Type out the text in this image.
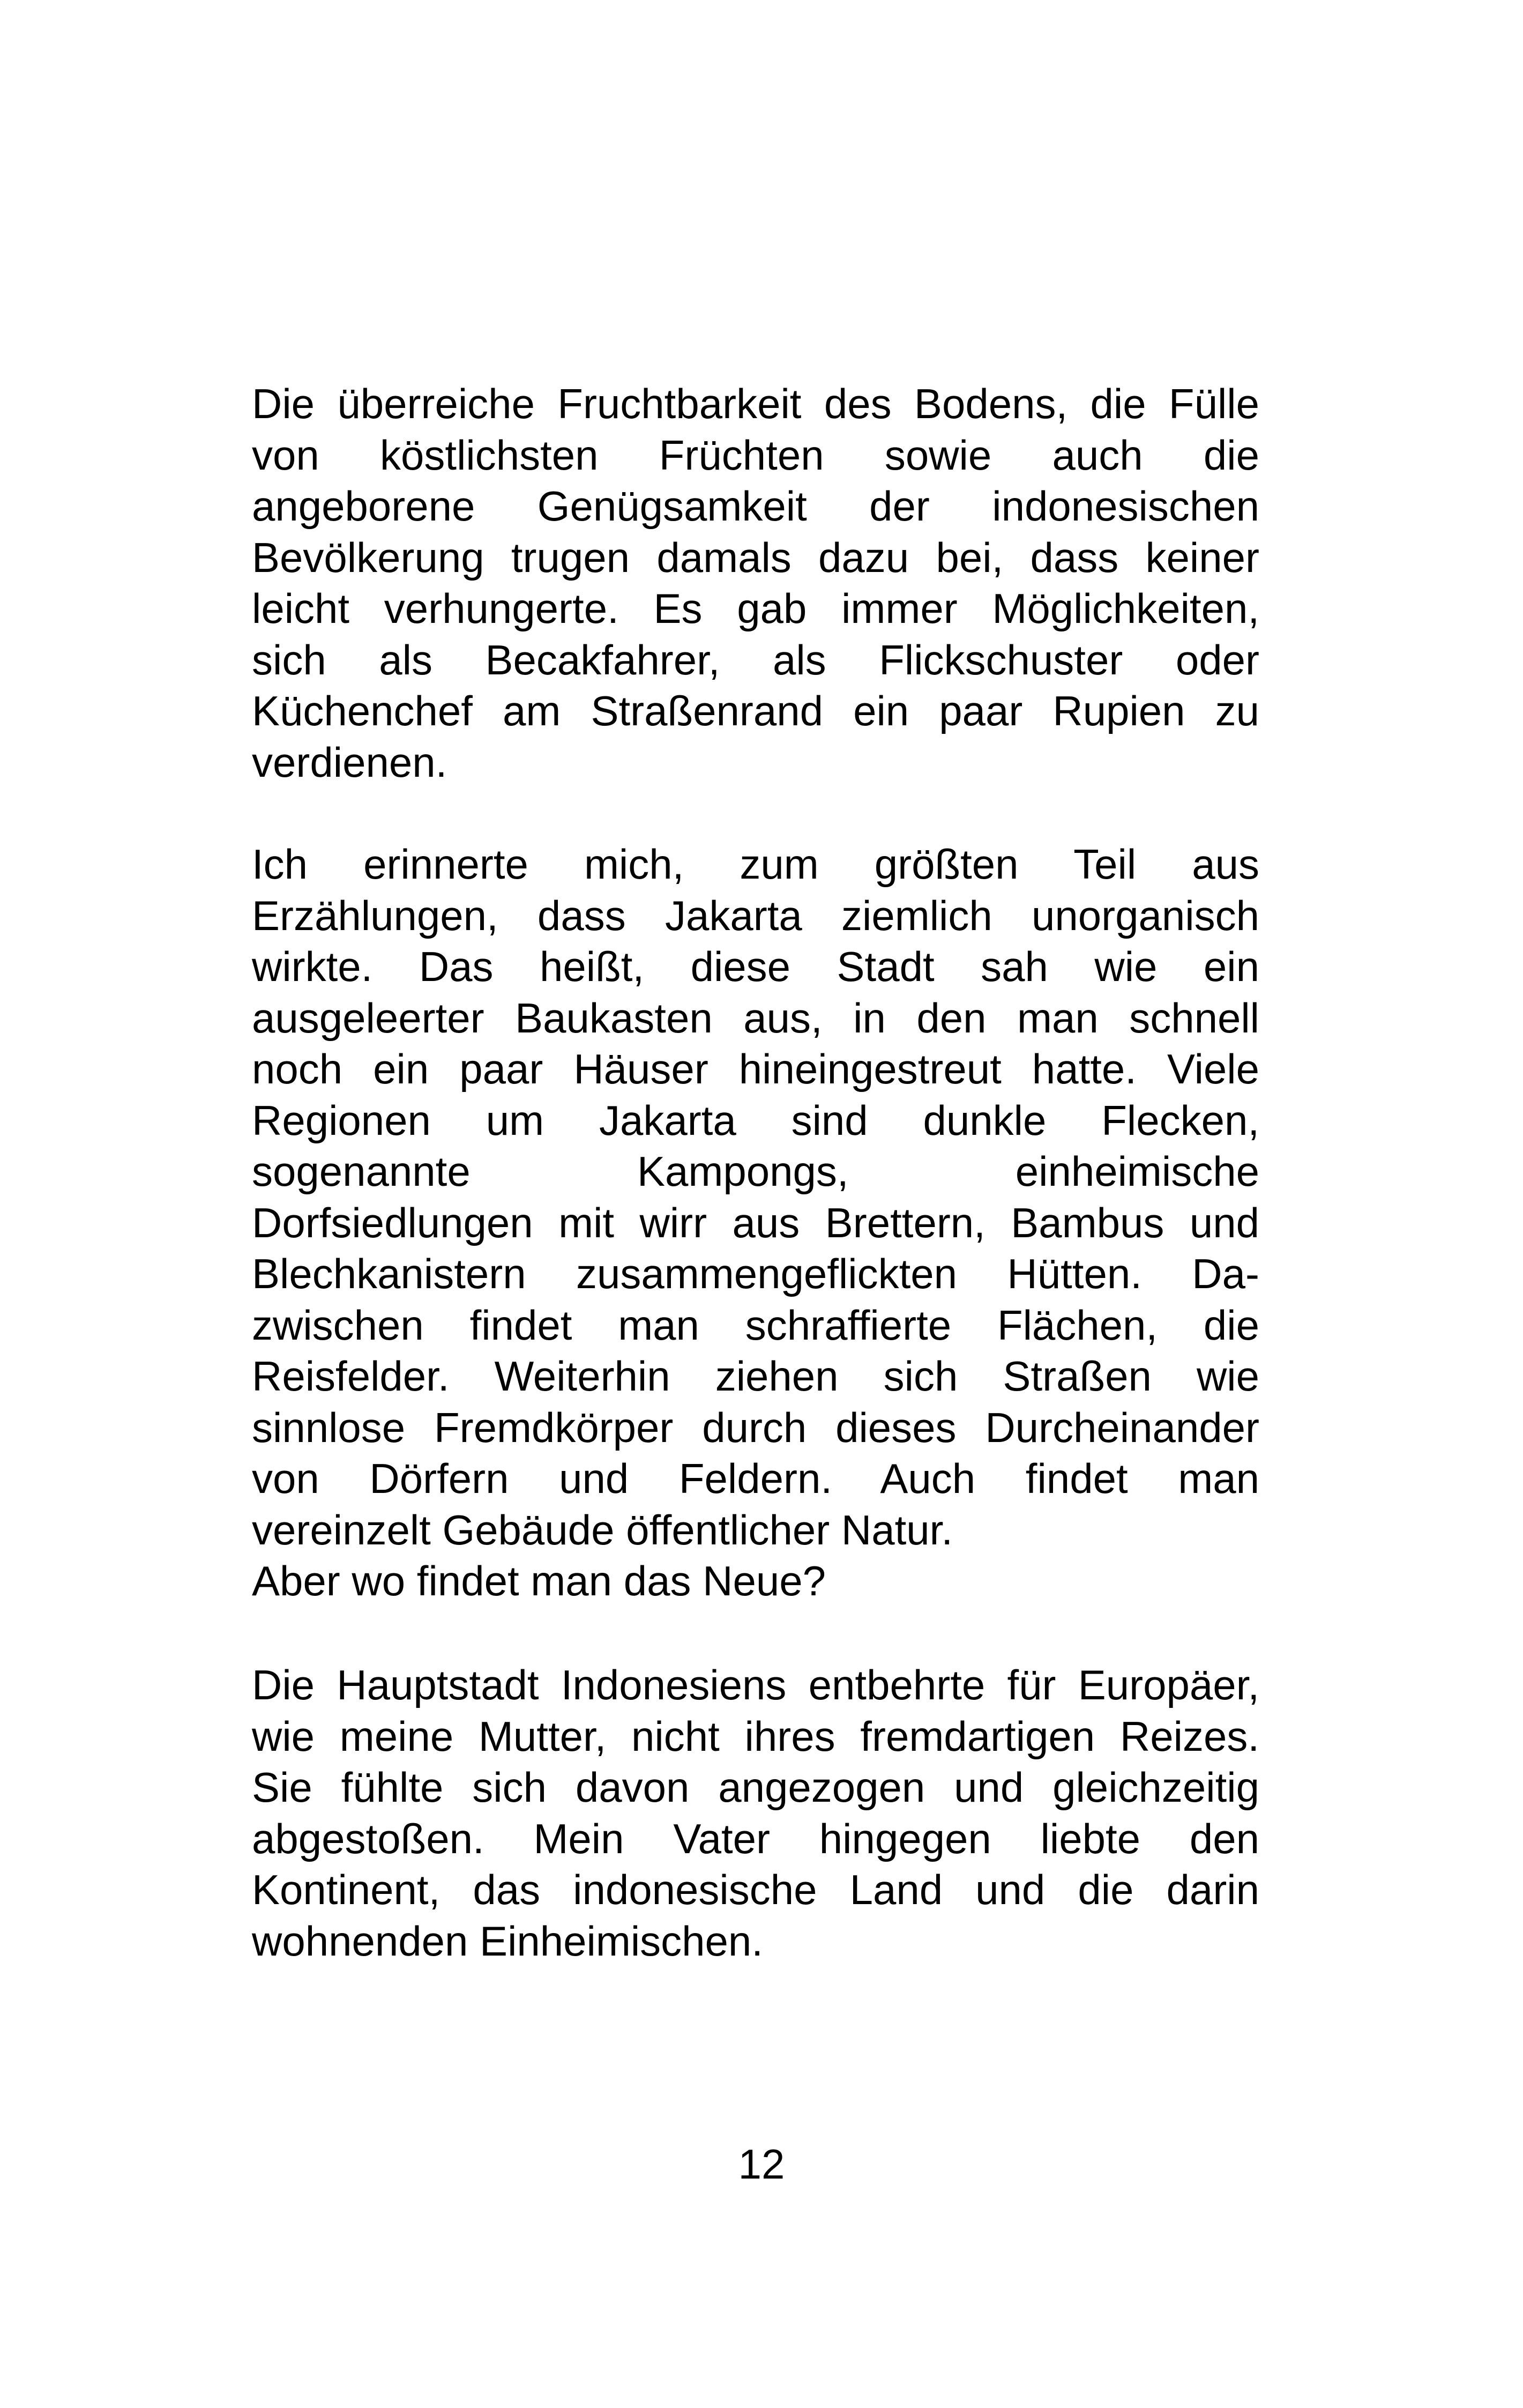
Die überreiche Fruchtbarkeit des Bodens, die Fülle
von köstlichsten Früchten sowie auch die
angeborene Genügsamkeit der indonesischen
Bevölkerung trugen damals dazu bei, dass keiner
leicht verhungerte. Es gab immer Möglichkeiten,
sich als Becakfahrer, als Flickschuster oder
Küchenchef am Straßenrand ein paar Rupien zu
verdienen.
Ich erinnerte mich, zum größten Teil aus
Erzählungen, dass Jakarta ziemlich unorganisch
wirkte. Das heißt, diese Stadt sah wie ein
ausgeleerter Baukasten aus, in den man schnell
noch ein paar Häuser hineingestreut hatte. Viele
Regionen um Jakarta sind dunkle Flecken,
sogenannte Kampongs, einheimische
Dorfsiedlungen mit wirr aus Brettern, Bambus und
Blechkanistern zusammengeflickten Hütten. Da-
zwischen findet man schraffierte Flächen, die
Reisfelder. Weiterhin ziehen sich Straßen wie
sinnlose Fremdkörper durch dieses Durcheinander
von Dörfern und Feldern. Auch findet man
vereinzelt Gebäude öffentlicher Natur.
Aber wo findet man das Neue?
Die Hauptstadt Indonesiens entbehrte für Europäer,
wie meine Mutter, nicht ihres fremdartigen Reizes.
Sie fühlte sich davon angezogen und gleichzeitig
abgestoßen. Mein Vater hingegen liebte den
Kontinent, das indonesische Land und die darin
wohnenden Einheimischen.
12
